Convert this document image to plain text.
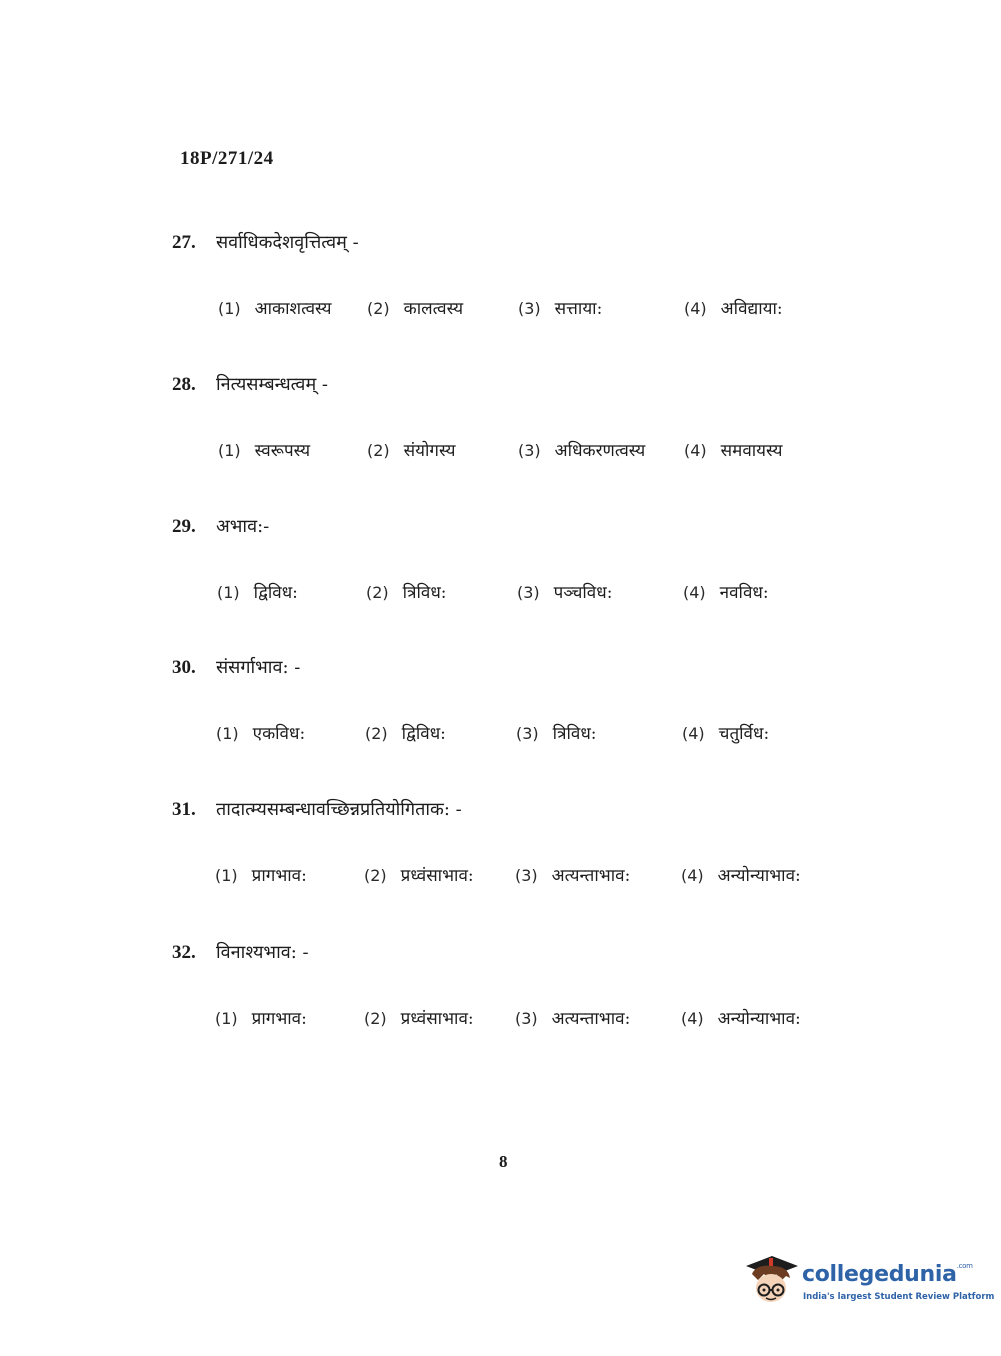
18P/271/24
27.	सर्वाधिकदेशवृत्तित्वम् -
(1) आकाशत्वस्य (2) कालत्वस्य	(3) सत्ताया:	(4) अविद्याया:
28.	नित्यसम्बन्धत्वम् -
(1) स्वरूपस्य	(2) संयोगस्य	(3) अधिकरणत्वस्य (4) समवायस्य
29.	अभाव:-
(1) द्विविध:	(2) त्रिविध:	(3) पञ्चविध:	(4) नवविध:
30.	संसर्गाभाव: -
(1) एकविध:	(2) द्विविध:	(3) त्रिविध:	(4) चतुर्विध:
31.	तादात्म्यसम्बन्धावच्छिन्नप्रतियोगिताक: -
(1) प्रागभाव:	(2) प्रध्वंसाभाव:	(3) अत्यन्ताभाव:	(4) अन्योन्याभाव:
32.	विनाश्यभाव: -
(1) प्रागभाव:	(2) प्रध्वंसाभाव:	(3) अत्यन्ताभाव:	(4) अन्योन्याभाव:
8
collegedunia$^{.com}$
India's largest Student Review Platform
